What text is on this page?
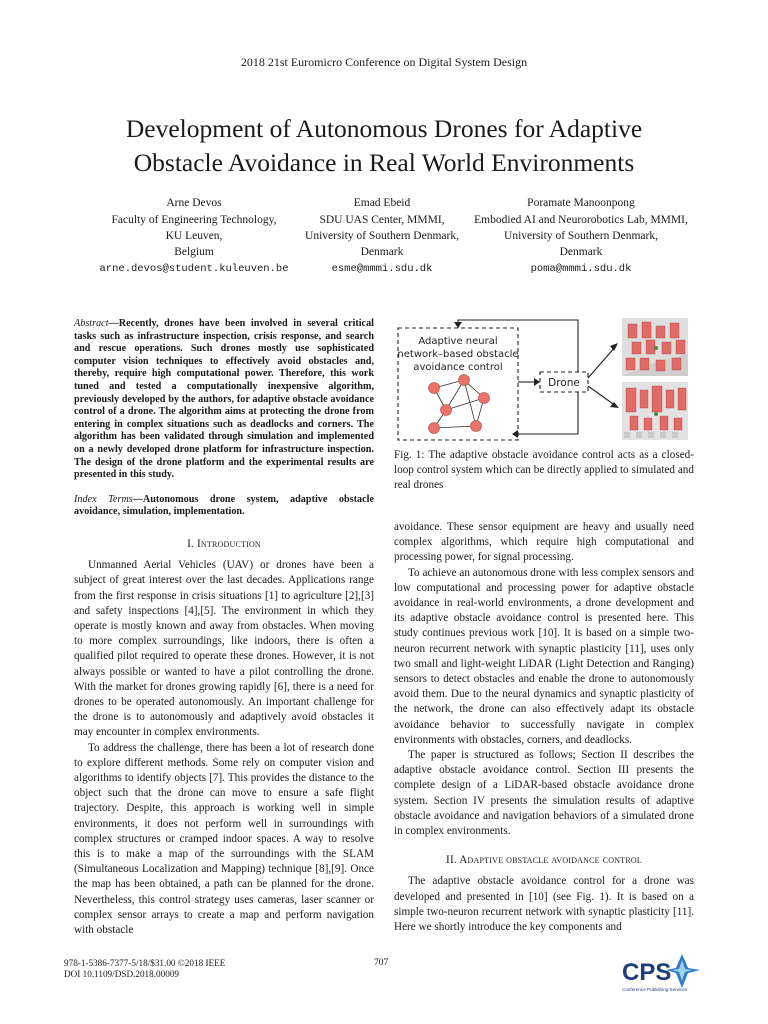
2018 21st Euromicro Conference on Digital System Design
Development of Autonomous Drones for Adaptive
Obstacle Avoidance in Real World Environments
Arne Devos
Faculty of Engineering Technology,
KU Leuven,
Belgium
arne.devos@student.kuleuven.be
Emad Ebeid
SDU UAS Center, MMMI,
University of Southern Denmark,
Denmark
esme@mmmi.sdu.dk
Poramate Manoonpong
Embodied AI and Neurorobotics Lab, MMMI,
University of Southern Denmark,
Denmark
poma@mmmi.sdu.dk
Abstract—Recently, drones have been involved in several critical tasks such as infrastructure inspection, crisis response, and search and rescue operations. Such drones mostly use sophisticated computer vision techniques to effectively avoid obstacles and, thereby, require high computational power. Therefore, this work tuned and tested a computationally inexpensive algorithm, previously developed by the authors, for adaptive obstacle avoidance control of a drone. The algorithm aims at protecting the drone from entering in complex situations such as deadlocks and corners. The algorithm has been validated through simulation and implemented on a newly developed drone platform for infrastructure inspection. The design of the drone platform and the experimental results are presented in this study.
Index Terms—Autonomous drone system, adaptive obstacle avoidance, simulation, implementation.
I. Introduction

Unmanned Aerial Vehicles (UAV) or drones have been a subject of great interest over the last decades. Applications range from the first response in crisis situations [1] to agriculture [2],[3] and safety inspections [4],[5]. The environment in which they operate is mostly known and away from obstacles. When moving to more complex surroundings, like indoors, there is often a qualified pilot required to operate these drones. However, it is not always possible or wanted to have a pilot controlling the drone. With the market for drones growing rapidly [6], there is a need for drones to be operated autonomously. An important challenge for the drone is to autonomously and adaptively avoid obstacles it may encounter in complex environments.

To address the challenge, there has been a lot of research done to explore different methods. Some rely on computer vision and algorithms to identify objects [7]. This provides the distance to the object such that the drone can move to ensure a safe flight trajectory. Despite, this approach is working well in simple environments, it does not perform well in surroundings with complex structures or cramped indoor spaces. A way to resolve this is to make a map of the surroundings with the SLAM (Simultaneous Localization and Mapping) technique [8],[9]. Once the map has been obtained, a path can be planned for the drone. Nevertheless, this control strategy uses cameras, laser scanner or complex sensor arrays to create a map and perform navigation with obstacle

Adaptive neural
network–based obstacle
avoidance control
Drone
Fig. 1: The adaptive obstacle avoidance control acts as a closed-loop control system which can be directly applied to simulated and real drones

avoidance. These sensor equipment are heavy and usually need complex algorithms, which require high computational and processing power, for signal processing.

To achieve an autonomous drone with less complex sensors and low computational and processing power for adaptive obstacle avoidance in real-world environments, a drone development and its adaptive obstacle avoidance control is presented here. This study continues previous work [10]. It is based on a simple two-neuron recurrent network with synaptic plasticity [11], uses only two small and light-weight LiDAR (Light Detection and Ranging) sensors to detect obstacles and enable the drone to autonomously avoid them. Due to the neural dynamics and synaptic plasticity of the network, the drone can also effectively adapt its obstacle avoidance behavior to successfully navigate in complex environments with obstacles, corners, and deadlocks.

The paper is structured as follows; Section II describes the adaptive obstacle avoidance control. Section III presents the complete design of a LiDAR-based obstacle avoidance drone system. Section IV presents the simulation results of adaptive obstacle avoidance and navigation behaviors of a simulated drone in complex environments.

II. Adaptive obstacle avoidance control

The adaptive obstacle avoidance control for a drone was developed and presented in [10] (see Fig. 1). It is based on a simple two-neuron recurrent network with synaptic plasticity [11]. Here we shortly introduce the key components and

978-1-5386-7377-5/18/$31.00 ©2018 IEEE
DOI 10.1109/DSD.2018.00009
707	CPS
Conference Publishing Services
